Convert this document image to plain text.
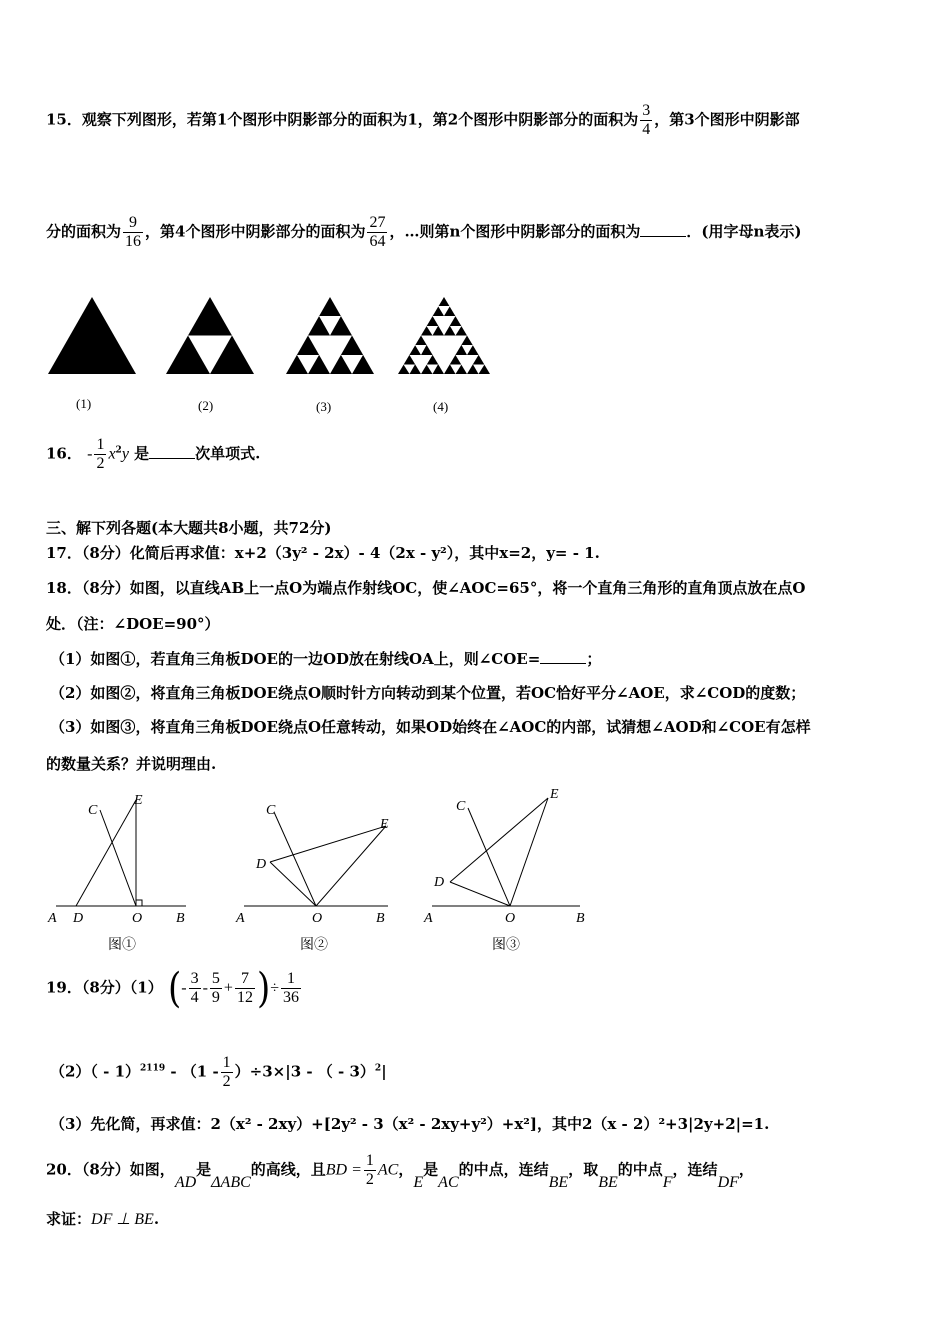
15．观察下列图形，若第1个图形中阴影部分的面积为1，第2个图形中阴影部分的面积为 $\frac{3}{4}$ ，第3个图形中阴影部
分的面积为 $\frac{9}{16}$ ，第4个图形中阴影部分的面积为 $\frac{27}{64}$ ，…则第n个图形中阴影部分的面积为	．(用字母n表示)
(1)	(2)	(3)	(4)
16． - $\frac{1}{2} x^2y$ 是	次单项式.
三、解下列各题(本大题共8小题，共72分)
17．（8分）化简后再求值：x+2（3y² - 2x）- 4（2x - y²），其中x=2，y= - 1.
18．（8分）如图，以直线AB上一点O为端点作射线OC，使∠AOC=65°，将一个直角三角形的直角顶点放在点O
处．（注：∠DOE=90°）
（1）如图①，若直角三角板DOE的一边OD放在射线OA上，则∠COE=	；
（2）如图②，将直角三角板DOE绕点O顺时针方向转动到某个位置，若OC恰好平分∠AOE，求∠COD的度数；
（3）如图③，将直角三角板DOE绕点O任意转动，如果OD始终在∠AOC的内部，试猜想∠AOD和∠COE有怎样
的数量关系？并说明理由.
A D	O B
C
E
图①
A	O	B
C
D
E
图②
A	O	B
C
D
E
图③
19．（8分）（1） (- $\frac{3}{4} - \frac{5}{9} + \frac{7}{12}$ )÷ $\frac{1}{36}$
$(2)( - 1)^{2119} - (1 - \frac{1}{2} )\div 3\times|3$ - （ - 3）$^2$|
（3）先化简，再求值：2（x² - 2xy）+[2y² - 3（x² - 2xy+y²）+x²]，其中2（x - 2）²+3|2y+2|=1.
20．（8分）如图，AD是ΔABC的高线，且BD = $\frac{1}{2}$ AC，E是AC的中点，连结BE，取BE的中点F，连结DF，
求证：DF ⊥ BE.
